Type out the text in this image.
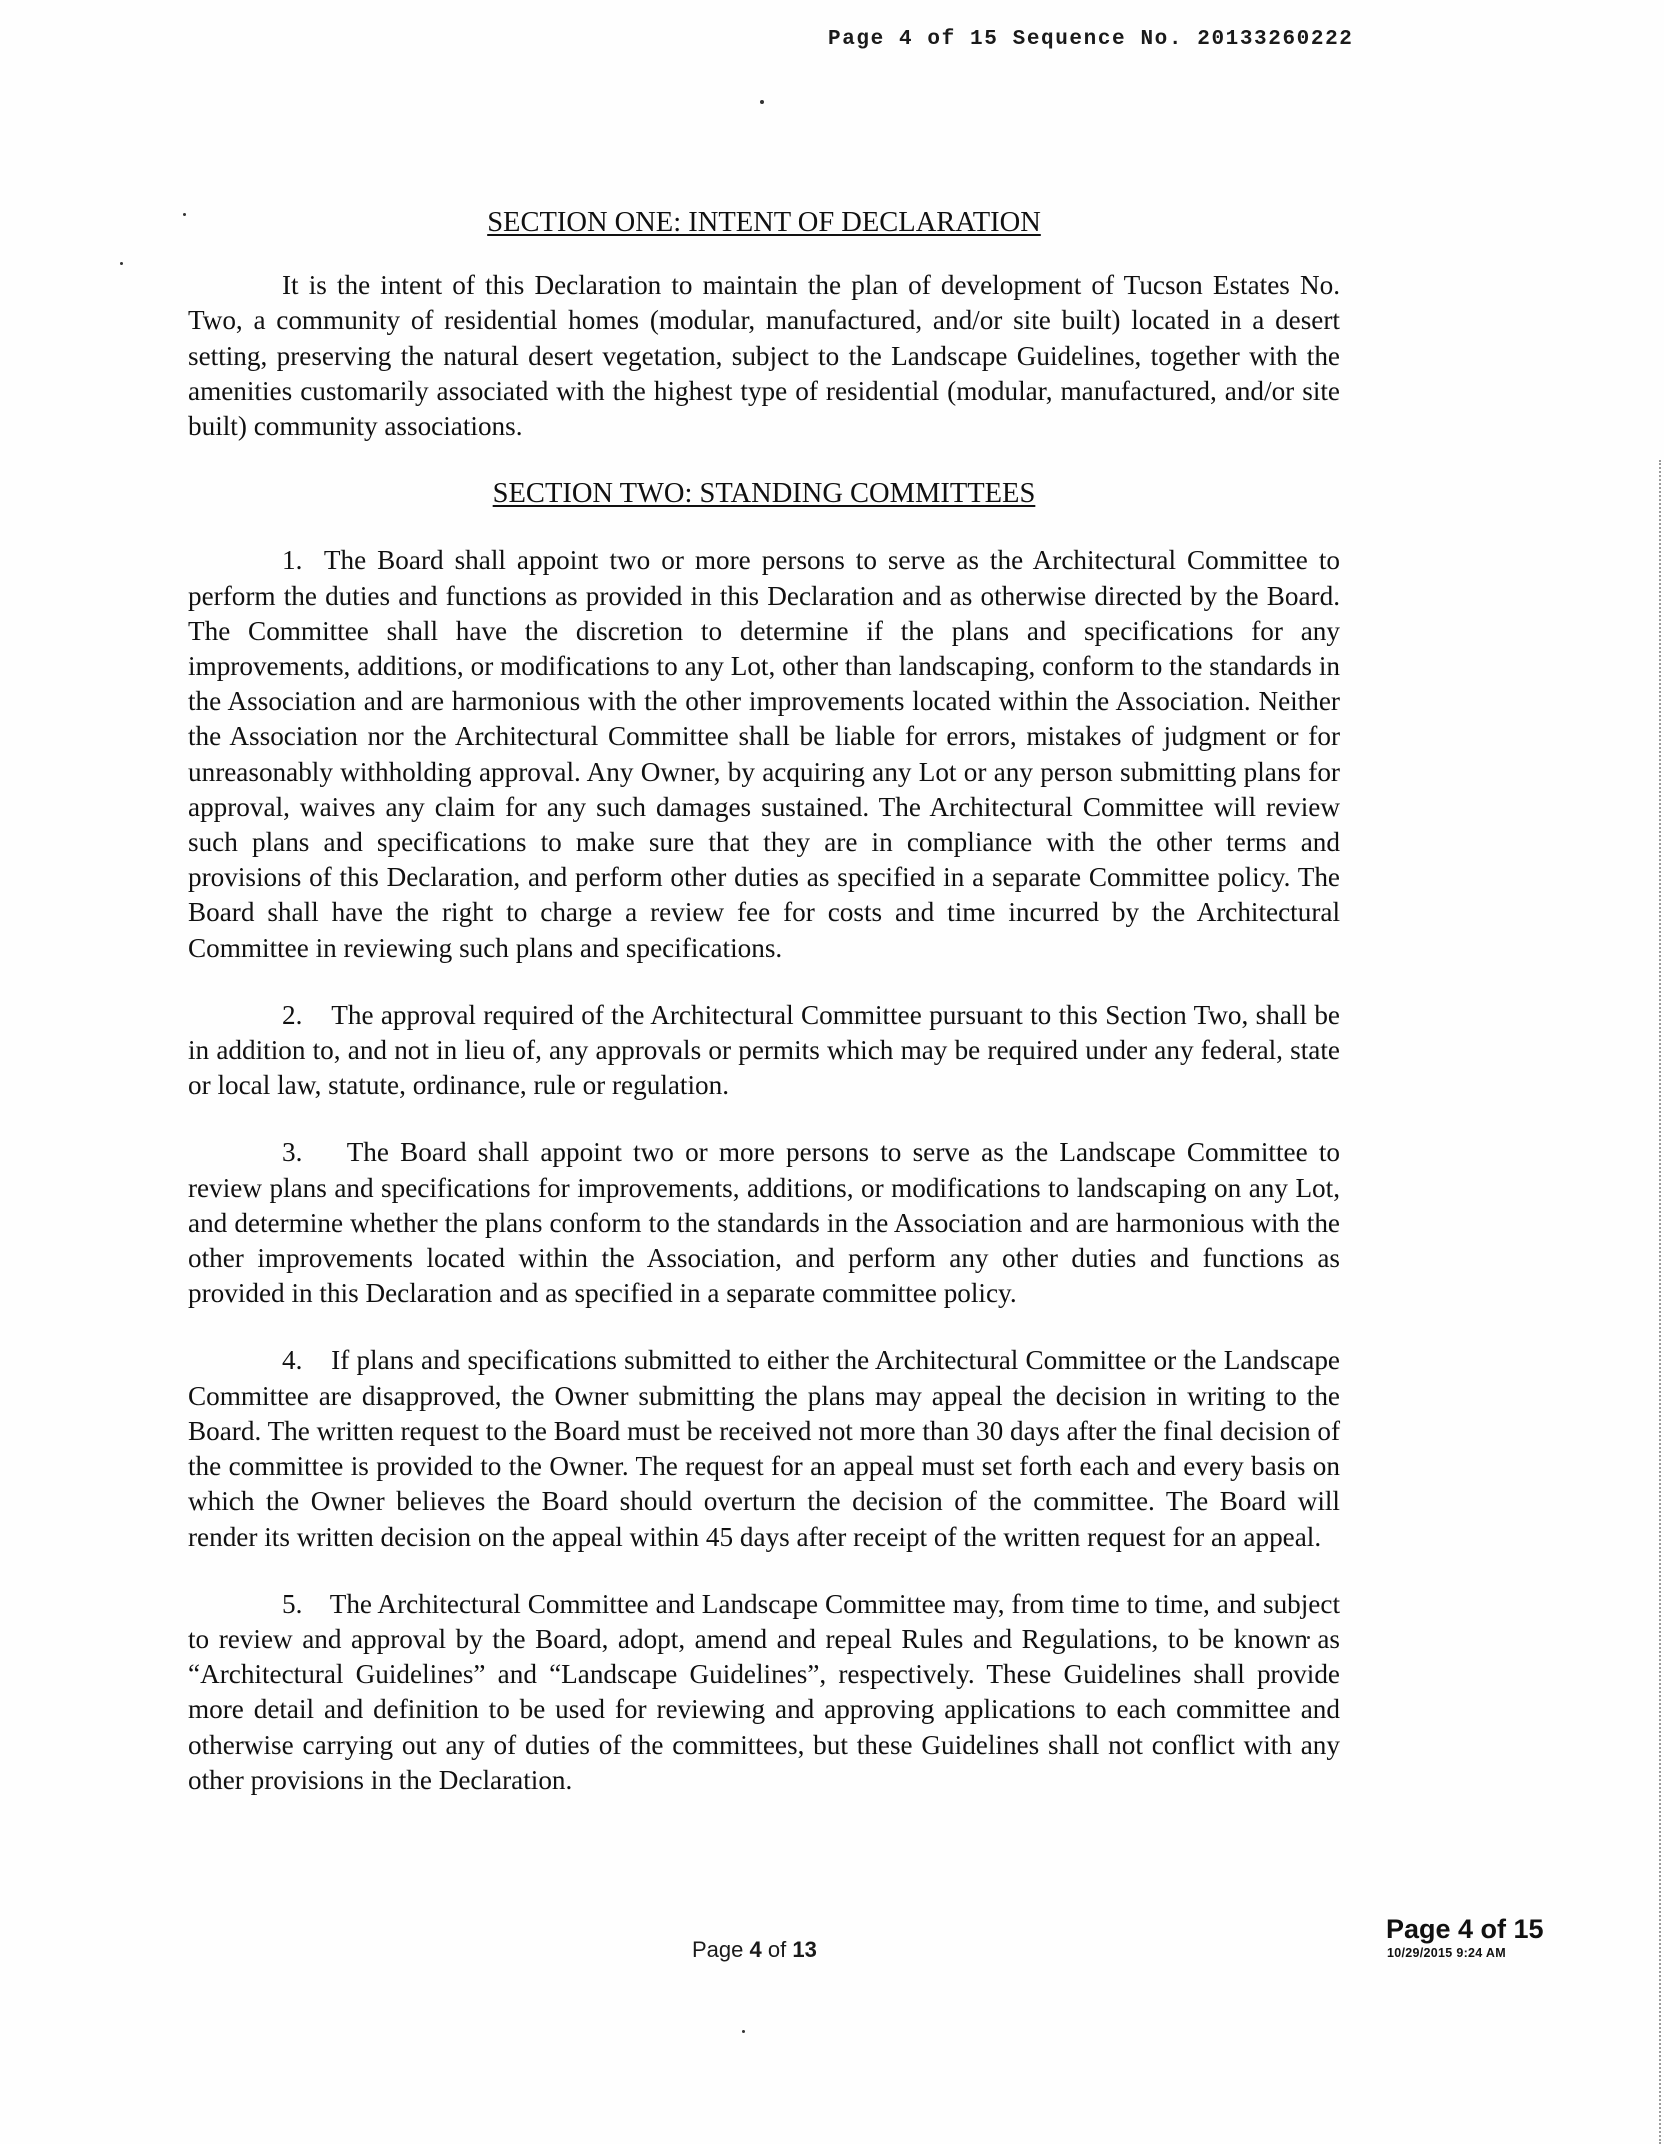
Page 4 of 15 Sequence No. 20133260222
SECTION ONE: INTENT OF DECLARATION

It is the intent of this Declaration to maintain the plan of development of Tucson Estates No. Two, a community of residential homes (modular, manufactured, and/or site built) located in a desert setting, preserving the natural desert vegetation, subject to the Landscape Guidelines, together with the amenities customarily associated with the highest type of residential (modular, manufactured, and/or site built) community associations.

SECTION TWO: STANDING COMMITTEES

1.  The Board shall appoint two or more persons to serve as the Architectural Committee to perform the duties and functions as provided in this Declaration and as otherwise directed by the Board. The Committee shall have the discretion to determine if the plans and specifications for any improvements, additions, or modifications to any Lot, other than landscaping, conform to the standards in the Association and are harmonious with the other improvements located within the Association. Neither the Association nor the Architectural Committee shall be liable for errors, mistakes of judgment or for unreasonably withholding approval. Any Owner, by acquiring any Lot or any person submitting plans for approval, waives any claim for any such damages sustained. The Architectural Committee will review such plans and specifications to make sure that they are in compliance with the other terms and provisions of this Declaration, and perform other duties as specified in a separate Committee policy. The Board shall have the right to charge a review fee for costs and time incurred by the Architectural Committee in reviewing such plans and specifications.

2.    The approval required of the Architectural Committee pursuant to this Section Two, shall be in addition to, and not in lieu of, any approvals or permits which may be required under any federal, state or local law, statute, ordinance, rule or regulation.

3.    The Board shall appoint two or more persons to serve as the Landscape Committee to review plans and specifications for improvements, additions, or modifications to landscaping on any Lot, and determine whether the plans conform to the standards in the Association and are harmonious with the other improvements located within the Association, and perform any other duties and functions as provided in this Declaration and as specified in a separate committee policy.

4.    If plans and specifications submitted to either the Architectural Committee or the Landscape Committee are disapproved, the Owner submitting the plans may appeal the decision in writing to the Board. The written request to the Board must be received not more than 30 days after the final decision of the committee is provided to the Owner. The request for an appeal must set forth each and every basis on which the Owner believes the Board should overturn the decision of the committee. The Board will render its written decision on the appeal within 45 days after receipt of the written request for an appeal.

5.    The Architectural Committee and Landscape Committee may, from time to time, and subject to review and approval by the Board, adopt, amend and repeal Rules and Regulations, to be known as “Architectural Guidelines” and “Landscape Guidelines”, respectively. These Guidelines shall provide more detail and definition to be used for reviewing and approving applications to each committee and otherwise carrying out any of duties of the committees, but these Guidelines shall not conflict with any other provisions in the Declaration.

Page 4 of 13
Page 4 of 15
10/29/2015 9:24 AM
